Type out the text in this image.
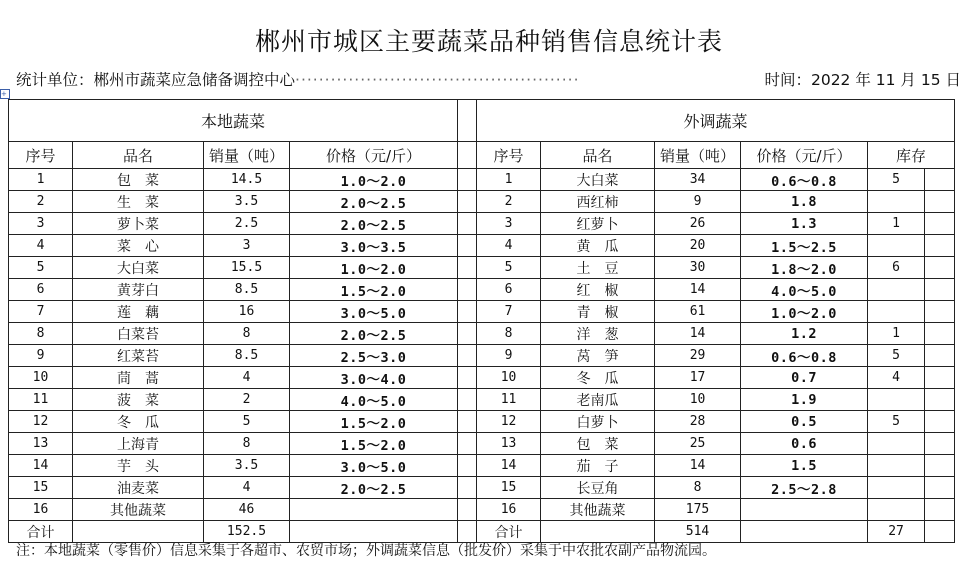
+
郴州市城区主要蔬菜品种销售信息统计表
统计单位：郴州市蔬菜应急储备调控中心················································	时间：2022 年 11 月 15 日
本地蔬菜					外调蔬菜					
序号	品名	销量（吨）	价格（元/斤）		序号	品名	销量（吨）	价格（元/斤）	库存	
1	包　菜	14.5	1.0～2.0		1	大白菜	34	0.6～0.8	5	
2	生　菜	3.5	2.0～2.5		2	西红柿	9	1.8		
3	萝卜菜	2.5	2.0～2.5		3	红萝卜	26	1.3	1	
4	菜　心	3	3.0～3.5		4	黄　瓜	20	1.5～2.5		
5	大白菜	15.5	1.0～2.0		5	土　豆	30	1.8～2.0	6	
6	黄芽白	8.5	1.5～2.0		6	红　椒	14	4.0～5.0		
7	莲　藕	16	3.0～5.0		7	青　椒	61	1.0～2.0		
8	白菜苔	8	2.0～2.5		8	洋　葱	14	1.2	1	
9	红菜苔	8.5	2.5～3.0		9	莴　笋	29	0.6～0.8	5	
10	茼　蒿	4	3.0～4.0		10	冬　瓜	17	0.7	4	
11	菠　菜	2	4.0～5.0		11	老南瓜	10	1.9		
12	冬　瓜	5	1.5～2.0		12	白萝卜	28	0.5	5	
13	上海青	8	1.5～2.0		13	包　菜	25	0.6		
14	芋　头	3.5	3.0～5.0		14	茄　子	14	1.5		
15	油麦菜	4	2.0～2.5		15	长豆角	8	2.5～2.8		
16	其他蔬菜	46			16	其他蔬菜	175			
合计		152.5			合计		514		27	
注：本地蔬菜（零售价）信息采集于各超市、农贸市场；外调蔬菜信息（批发价）采集于中农批农副产品物流园。
